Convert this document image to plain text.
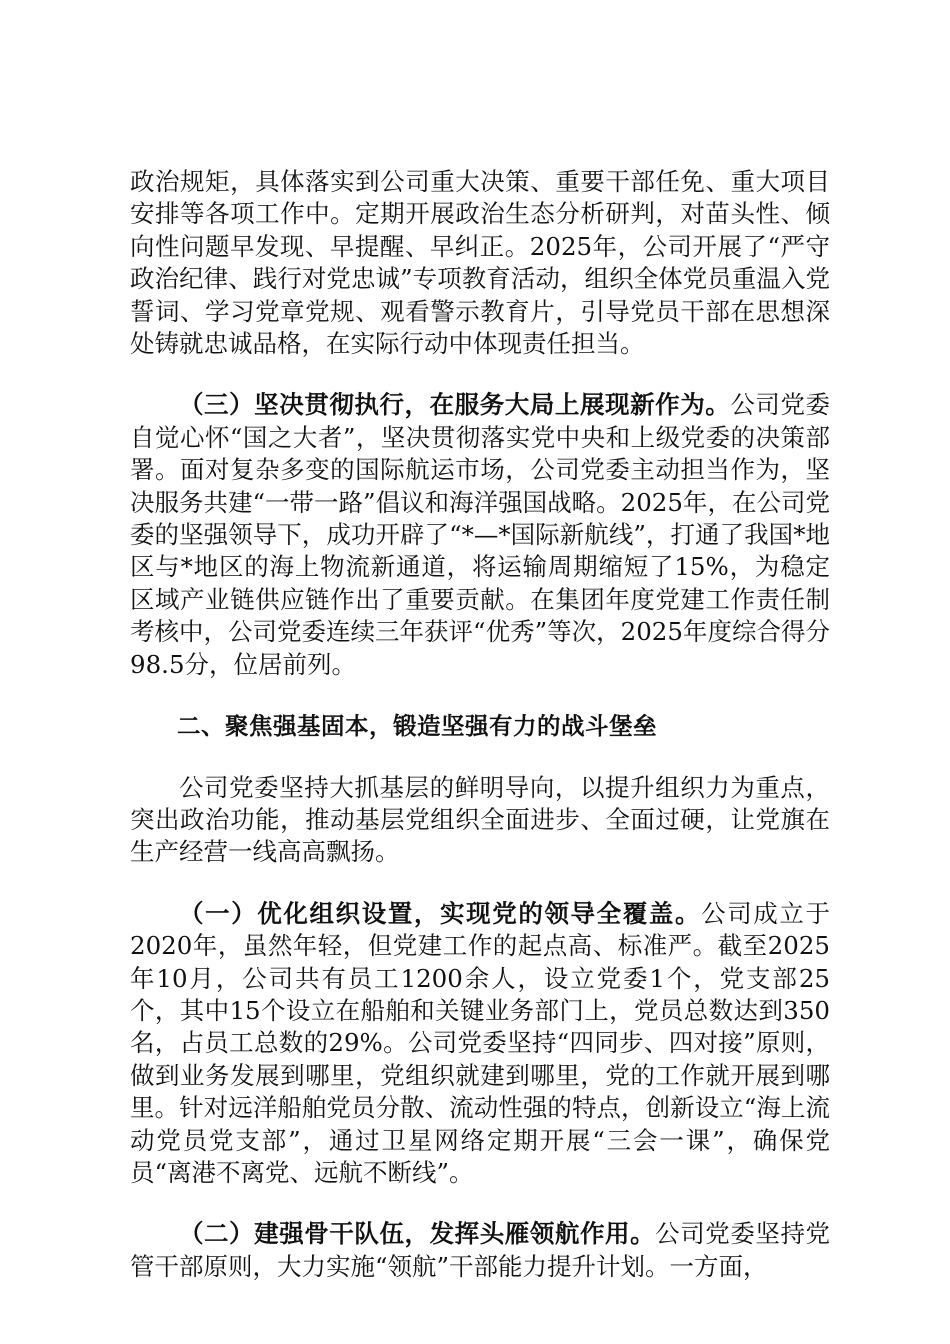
政治规矩，具体落实到公司重大决策、重要干部任免、重大项目安排等各项工作中。定期开展政治生态分析研判，对苗头性、倾向性问题早发现、早提醒、早纠正。2025年，公司开展了“严守政治纪律、践行对党忠诚”专项教育活动，组织全体党员重温入党誓词、学习党章党规、观看警示教育片，引导党员干部在思想深处铸就忠诚品格，在实际行动中体现责任担当。

（三）坚决贯彻执行，在服务大局上展现新作为。公司党委自觉心怀“国之大者”，坚决贯彻落实党中央和上级党委的决策部署。面对复杂多变的国际航运市场，公司党委主动担当作为，坚决服务共建“一带一路”倡议和海洋强国战略。2025年，在公司党委的坚强领导下，成功开辟了“*—*国际新航线”，打通了我国*地区与*地区的海上物流新通道，将运输周期缩短了15%，为稳定区域产业链供应链作出了重要贡献。在集团年度党建工作责任制考核中，公司党委连续三年获评“优秀”等次，2025年度综合得分98.5分，位居前列。

二、聚焦强基固本，锻造坚强有力的战斗堡垒

公司党委坚持大抓基层的鲜明导向，以提升组织力为重点，突出政治功能，推动基层党组织全面进步、全面过硬，让党旗在生产经营一线高高飘扬。

（一）优化组织设置，实现党的领导全覆盖。公司成立于2020年，虽然年轻，但党建工作的起点高、标准严。截至2025年10月，公司共有员工1200余人，设立党委1个，党支部25个，其中15个设立在船舶和关键业务部门上，党员总数达到350名，占员工总数的29%。公司党委坚持“四同步、四对接”原则，做到业务发展到哪里，党组织就建到哪里，党的工作就开展到哪里。针对远洋船舶党员分散、流动性强的特点，创新设立“海上流动党员党支部”，通过卫星网络定期开展“三会一课”，确保党员“离港不离党、远航不断线”。

（二）建强骨干队伍，发挥头雁领航作用。公司党委坚持党管干部原则，大力实施“领航”干部能力提升计划。一方面，
